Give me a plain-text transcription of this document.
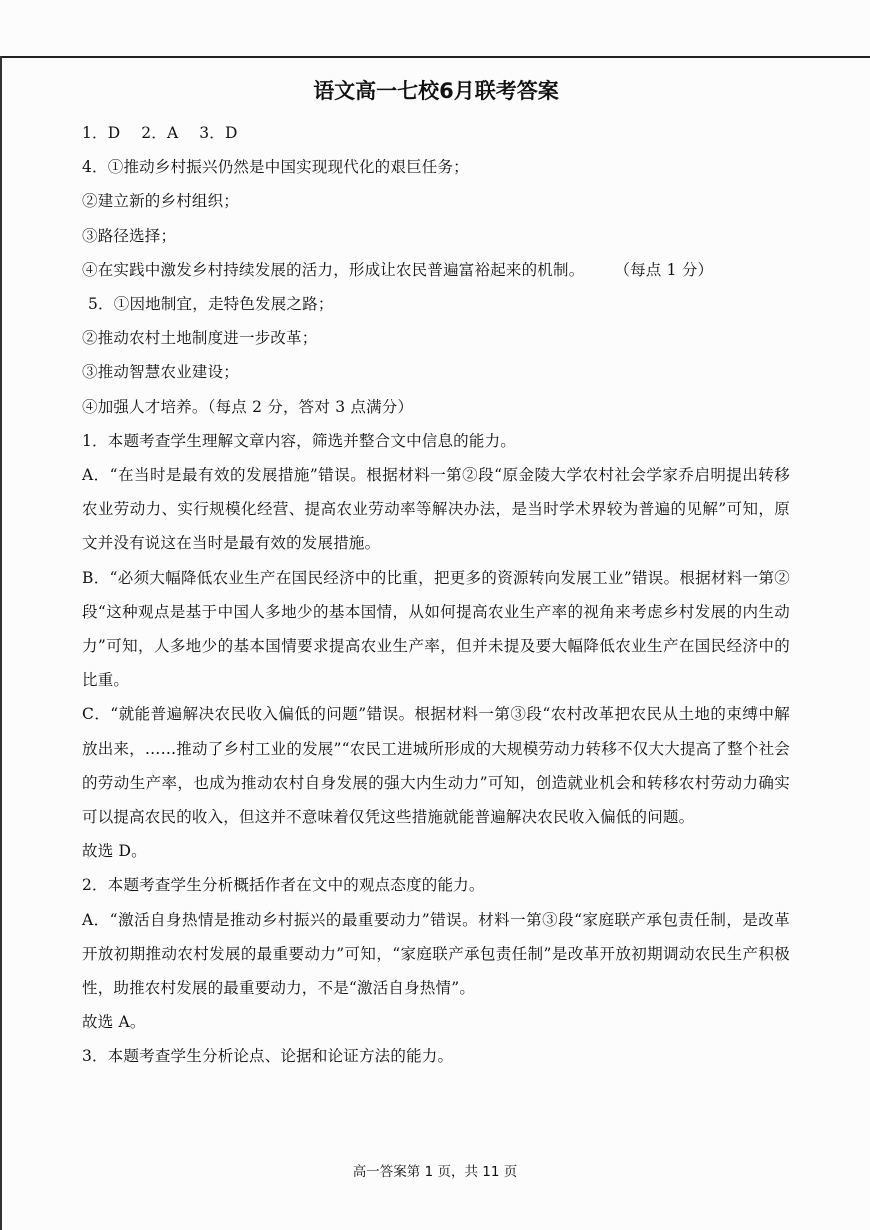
语文高一七校6月联考答案
1．D　 2．A　 3．D
4．①推动乡村振兴仍然是中国实现现代化的艰巨任务；
②建立新的乡村组织；
③路径选择；
④在实践中激发乡村持续发展的活力，形成让农民普遍富裕起来的机制。 （每点 1 分）
5．①因地制宜，走特色发展之路；
②推动农村土地制度进一步改革；
③推动智慧农业建设；
④加强人才培养。（每点 2 分，答对 3 点满分）
1．本题考查学生理解文章内容，筛选并整合文中信息的能力。
A．“在当时是最有效的发展措施”错误。根据材料一第②段“原金陵大学农村社会学家乔启明提出转移农业劳动力、实行规模化经营、提高农业劳动率等解决办法，是当时学术界较为普遍的见解”可知，原文并没有说这在当时是最有效的发展措施。
B．“必须大幅降低农业生产在国民经济中的比重，把更多的资源转向发展工业”错误。根据材料一第②段“这种观点是基于中国人多地少的基本国情，从如何提高农业生产率的视角来考虑乡村发展的内生动力”可知，人多地少的基本国情要求提高农业生产率，但并未提及要大幅降低农业生产在国民经济中的比重。
C．“就能普遍解决农民收入偏低的问题”错误。根据材料一第③段“农村改革把农民从土地的束缚中解放出来，……推动了乡村工业的发展”“农民工进城所形成的大规模劳动力转移不仅大大提高了整个社会的劳动生产率，也成为推动农村自身发展的强大内生动力”可知，创造就业机会和转移农村劳动力确实可以提高农民的收入，但这并不意味着仅凭这些措施就能普遍解决农民收入偏低的问题。
故选 D。
2．本题考查学生分析概括作者在文中的观点态度的能力。
A．“激活自身热情是推动乡村振兴的最重要动力”错误。材料一第③段“家庭联产承包责任制，是改革开放初期推动农村发展的最重要动力”可知，“家庭联产承包责任制”是改革开放初期调动农民生产积极性，助推农村发展的最重要动力，不是“激活自身热情”。
故选 A。
3．本题考查学生分析论点、论据和论证方法的能力。
高一答案第 1 页，共 11 页
